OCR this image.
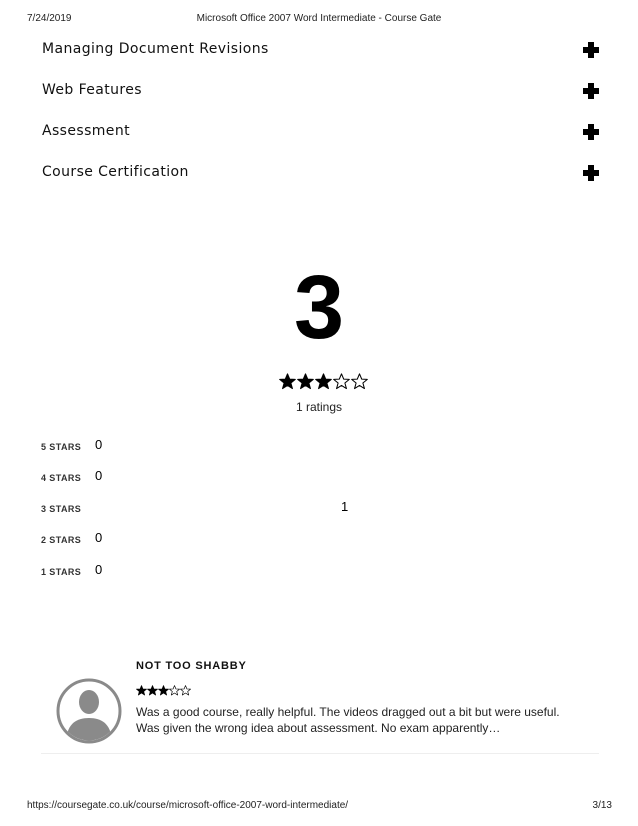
7/24/2019	Microsoft Office 2007 Word Intermediate - Course Gate
Managing Document Revisions
Web Features
Assessment
Course Certification
3
1 ratings
5 STARS 0
4 STARS 0
3 STARS	1
2 STARS 0
1 STARS 0
NOT TOO SHABBY
Was a good course, really helpful. The videos dragged out a bit but were useful. Was given the wrong idea about assessment. No exam apparently…
https://coursegate.co.uk/course/microsoft-office-2007-word-intermediate/	3/13
